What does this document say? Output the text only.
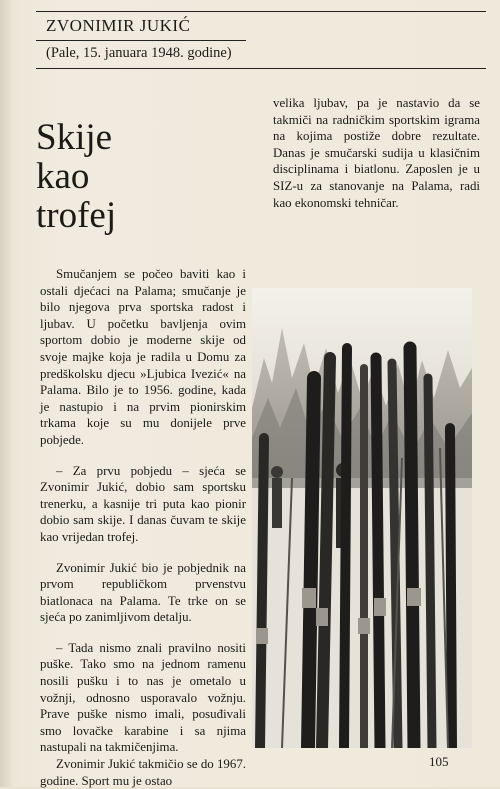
ZVONIMIR JUKIĆ
(Pale, 15. januara 1948. godine)
Skije
kao
trofej

velika ljubav, pa je nastavio da se takmiči na radničkim sportskim igrama na kojima postiže dobre rezultate. Danas je smučarski sudija u klasičnim disciplinama i biatlonu. Zaposlen je u SIZ-u za stanovanje na Palama, radi kao ekonomski tehničar.

Smučanjem se počeo baviti kao i ostali djećaci na Palama; smučanje je bilo njegova prva sportska radost i ljubav. U početku bavljenja ovim sportom dobio je moderne skije od svoje majke koja je radila u Domu za predškolsku djecu »Ljubica Ivezić« na Palama. Bilo je to 1956. godine, kada je nastupio i na prvim pionirskim trkama koje su mu donijele prve pobjede.

– Za prvu pobjedu – sjeća se Zvonimir Jukić, dobio sam sportsku trenerku, a kasnije tri puta kao pionir dobio sam skije. I danas čuvam te skije kao vrijedan trofej.

Zvonimir Jukić bio je pobjednik na prvom republičkom prvenstvu biatlonaca na Palama. Te trke on se sjeća po zanimljivom detalju.

– Tada nismo znali pravilno nositi puške. Tako smo na jednom ramenu nosili pušku i to nas je ometalo u vožnji, odnosno usporavalo vožnju. Prave puške nismo imali, posuđivali smo lovačke karabine i sa njima nastupali na takmičenjima.

Zvonimir Jukić takmičio se do 1967. godine. Sport mu je ostao

105
